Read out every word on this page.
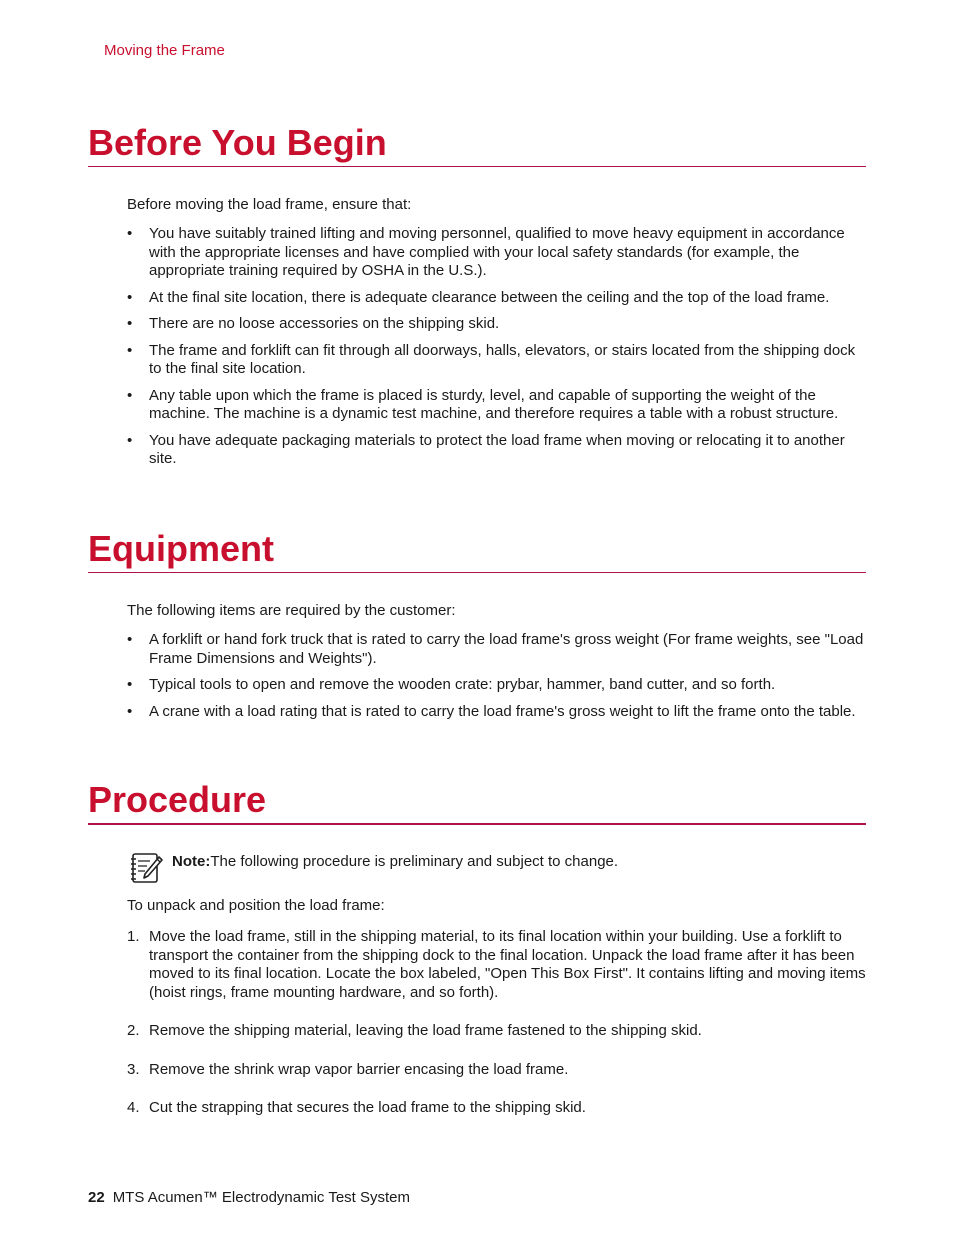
Moving the Frame
Before You Begin

Before moving the load frame, ensure that:

• You have suitably trained lifting and moving personnel, qualified to move heavy equipment in accordance with the appropriate licenses and have complied with your local safety standards (for example, the appropriate training required by OSHA in the U.S.).
• At the final site location, there is adequate clearance between the ceiling and the top of the load frame.
• There are no loose accessories on the shipping skid.
• The frame and forklift can fit through all doorways, halls, elevators, or stairs located from the shipping dock to the final site location.
• Any table upon which the frame is placed is sturdy, level, and capable of supporting the weight of the machine. The machine is a dynamic test machine, and therefore requires a table with a robust structure.
• You have adequate packaging materials to protect the load frame when moving or relocating it to another site.
Equipment

The following items are required by the customer:

• A forklift or hand fork truck that is rated to carry the load frame's gross weight (For frame weights, see "Load Frame Dimensions and Weights").
• Typical tools to open and remove the wooden crate: prybar, hammer, band cutter, and so forth.
• A crane with a load rating that is rated to carry the load frame's gross weight to lift the frame onto the table.
Procedure
Note:The following procedure is preliminary and subject to change.

To unpack and position the load frame:

1. Move the load frame, still in the shipping material, to its final location within your building. Use a forklift to transport the container from the shipping dock to the final location. Unpack the load frame after it has been moved to its final location. Locate the box labeled, "Open This Box First". It contains lifting and moving items (hoist rings, frame mounting hardware, and so forth).
2. Remove the shipping material, leaving the load frame fastened to the shipping skid.
3. Remove the shrink wrap vapor barrier encasing the load frame.
4. Cut the strapping that secures the load frame to the shipping skid.
22 MTS Acumen™ Electrodynamic Test System
